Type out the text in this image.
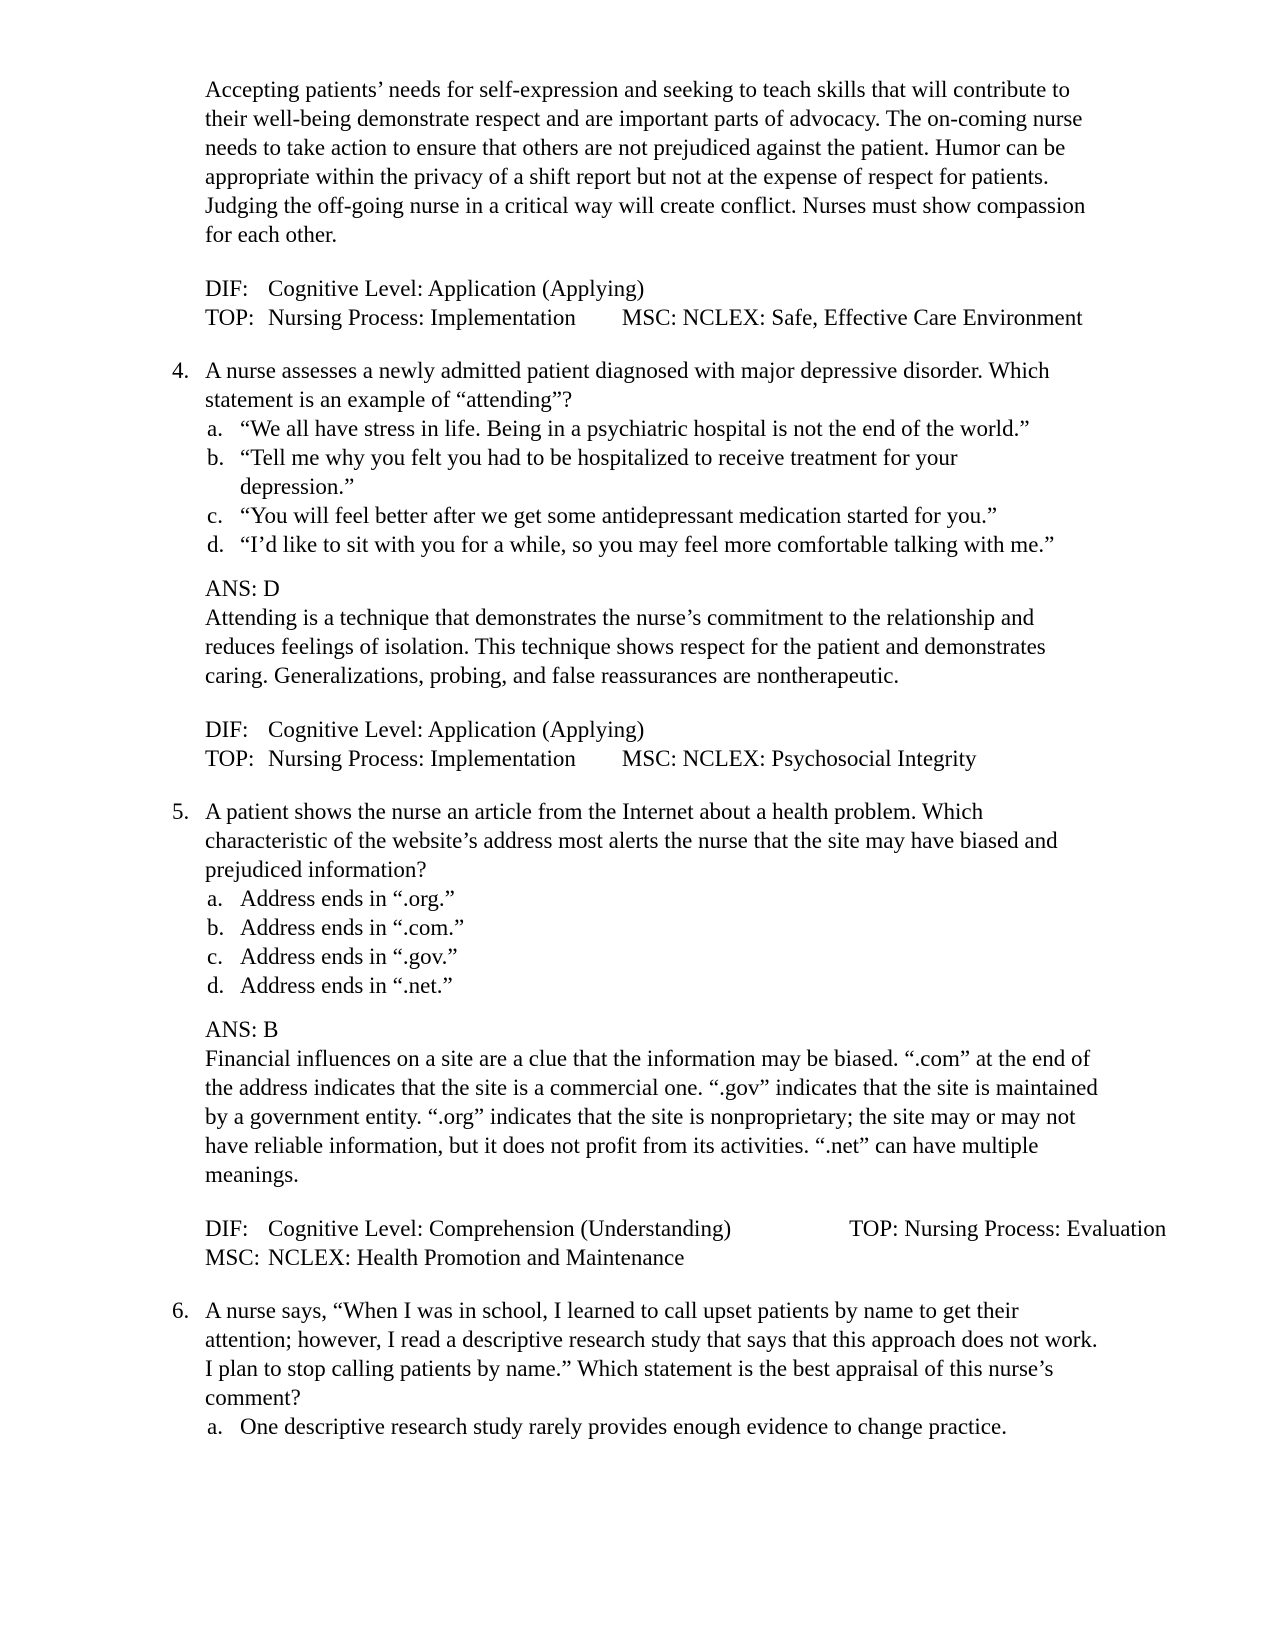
Accepting patients’ needs for self-expression and seeking to teach skills that will contribute to their well-being demonstrate respect and are important parts of advocacy. The on-coming nurse needs to take action to ensure that others are not prejudiced against the patient. Humor can be appropriate within the privacy of a shift report but not at the expense of respect for patients. Judging the off-going nurse in a critical way will create conflict. Nurses must show compassion for each other.

DIF: Cognitive Level: Application (Applying)
TOP: Nursing Process: Implementation MSC: NCLEX: Safe, Effective Care Environment
4. A nurse assesses a newly admitted patient diagnosed with major depressive disorder. Which statement is an example of “attending”?

a. “We all have stress in life. Being in a psychiatric hospital is not the end of the world.”
b. “Tell me why you felt you had to be hospitalized to receive treatment for your depression.”
c. “You will feel better after we get some antidepressant medication started for you.”
d. “I’d like to sit with you for a while, so you may feel more comfortable talking with me.”

ANS: D

Attending is a technique that demonstrates the nurse’s commitment to the relationship and reduces feelings of isolation. This technique shows respect for the patient and demonstrates caring. Generalizations, probing, and false reassurances are nontherapeutic.

DIF: Cognitive Level: Application (Applying)
TOP: Nursing Process: Implementation MSC: NCLEX: Psychosocial Integrity
5. A patient shows the nurse an article from the Internet about a health problem. Which characteristic of the website’s address most alerts the nurse that the site may have biased and prejudiced information?

a. Address ends in “.org.”
b. Address ends in “.com.”
c. Address ends in “.gov.”
d. Address ends in “.net.”

ANS: B

Financial influences on a site are a clue that the information may be biased. “.com” at the end of the address indicates that the site is a commercial one. “.gov” indicates that the site is maintained by a government entity. “.org” indicates that the site is nonproprietary; the site may or may not have reliable information, but it does not profit from its activities. “.net” can have multiple meanings.

DIF: Cognitive Level: Comprehension (Understanding)	TOP: Nursing Process: Evaluation
MSC: NCLEX: Health Promotion and Maintenance
6. A nurse says, “When I was in school, I learned to call upset patients by name to get their attention; however, I read a descriptive research study that says that this approach does not work. I plan to stop calling patients by name.” Which statement is the best appraisal of this nurse’s comment?

a. One descriptive research study rarely provides enough evidence to change practice.
